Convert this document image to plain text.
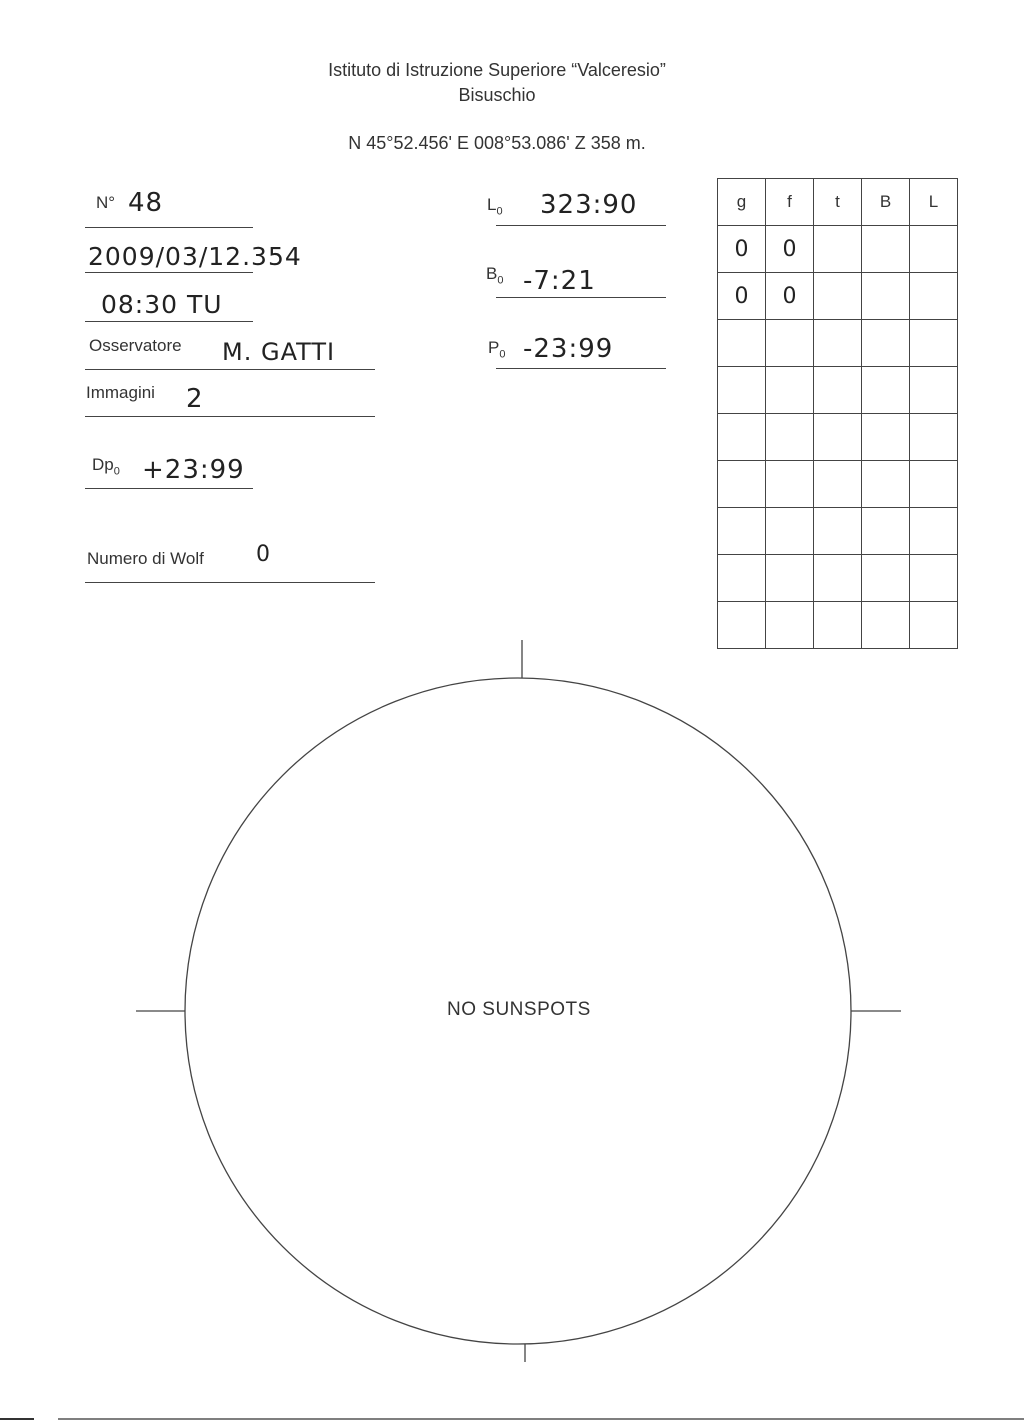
Istituto di Istruzione Superiore “Valceresio”
Bisuschio
N 45°52.456' E 008°53.086' Z 358 m.
N° 48
2009/03/12.354
08:30 TU
Osservatore M. GATTI
Immagini 2
$Dp_0$ +23:99
Numero di Wolf 0
$L_0$ 323:90
$B_0$ -7:21
$P_0$ -23:99
g	f	t	B	L
0	0			
0	0			

NO SUNSPOTS
